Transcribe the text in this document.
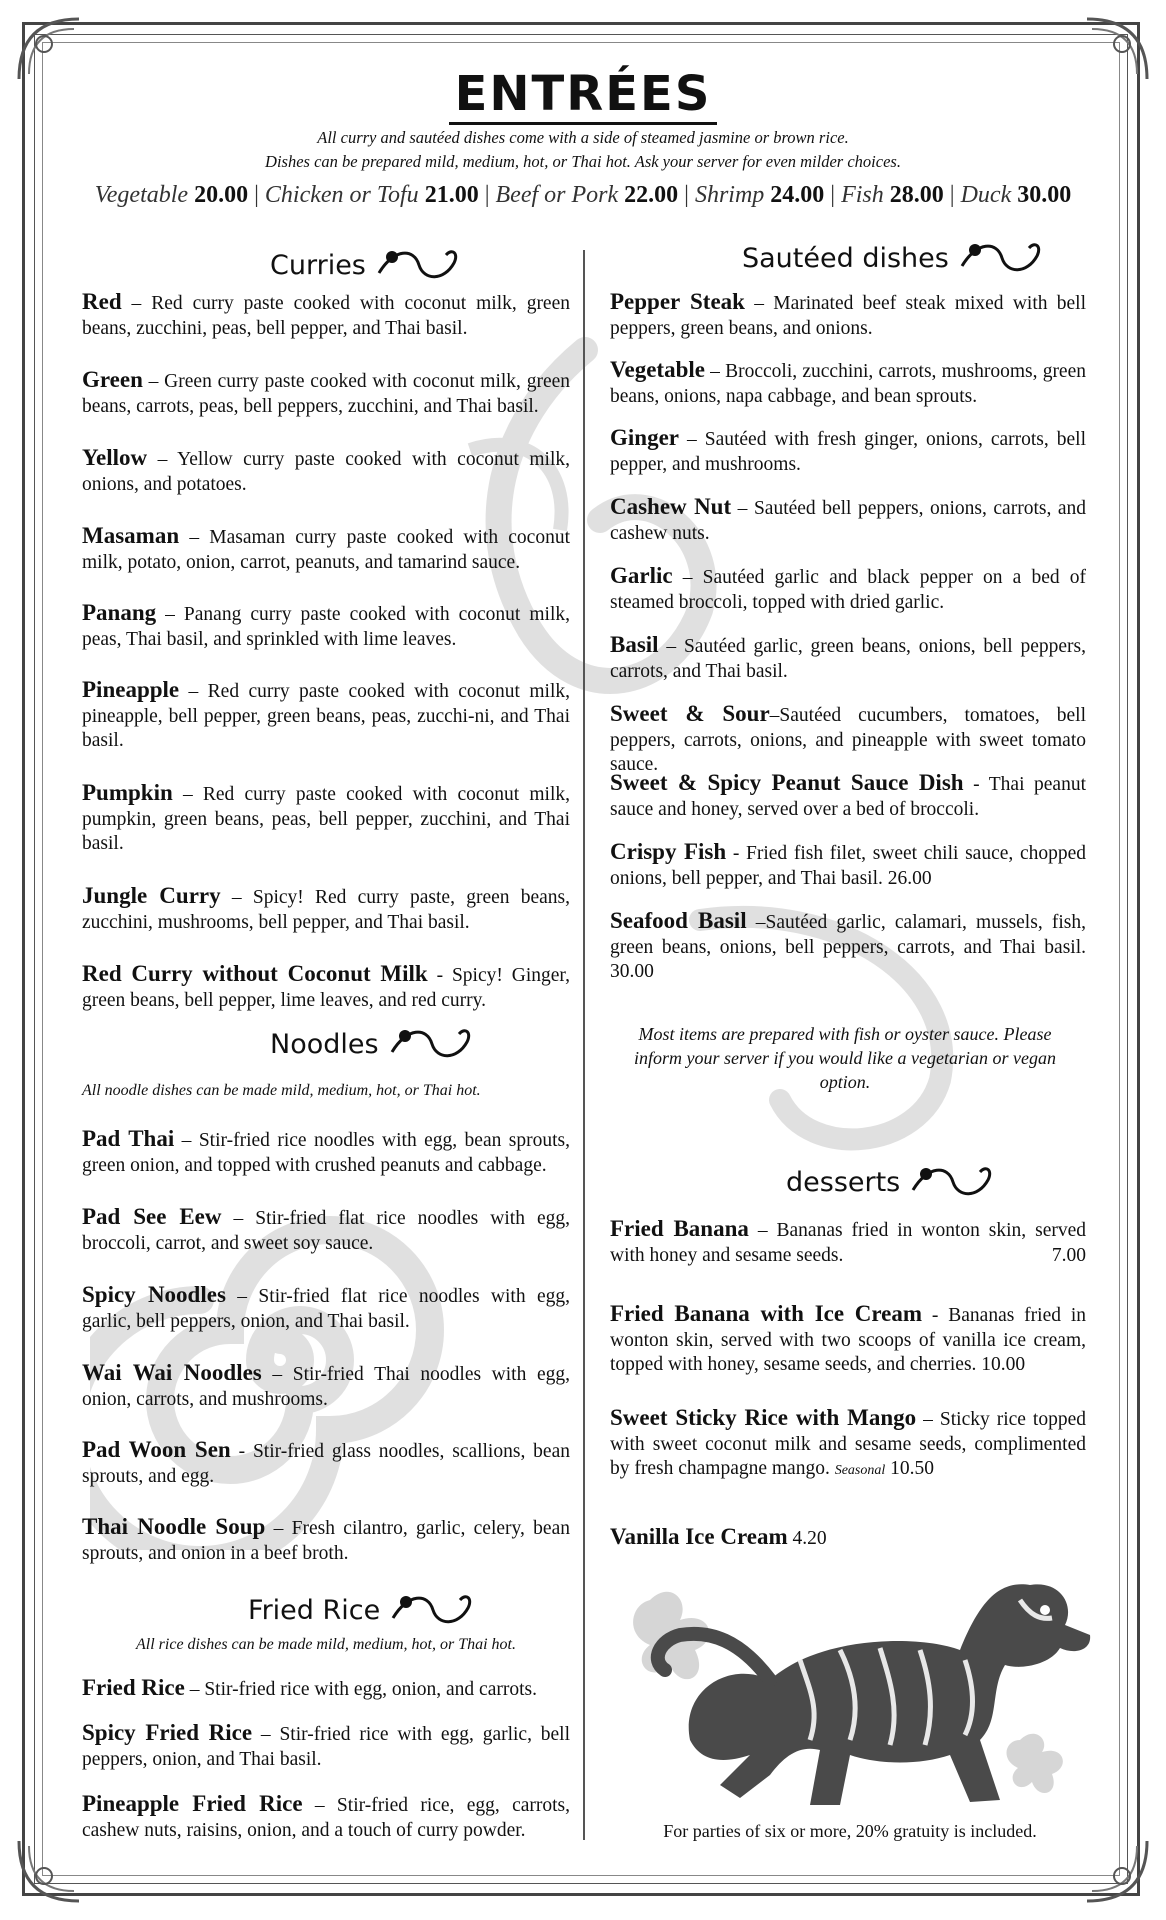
ENTRÉES
All curry and sautéed dishes come with a side of steamed jasmine or brown rice.
Dishes can be prepared mild, medium, hot, or Thai hot. Ask your server for even milder choices.
Vegetable 20.00 | Chicken or Tofu 21.00 | Beef or Pork 22.00 | Shrimp 24.00 | Fish 28.00 | Duck 30.00
Curries
Red – Red curry paste cooked with coconut milk, green beans, zucchini, peas, bell pepper, and Thai basil.
Green – Green curry paste cooked with coconut milk, green beans, carrots, peas, bell peppers, zucchini, and Thai basil.
Yellow – Yellow curry paste cooked with coconut milk, onions, and potatoes.
Masaman – Masaman curry paste cooked with coconut milk, potato, onion, carrot, peanuts, and tamarind sauce.
Panang – Panang curry paste cooked with coconut milk, peas, Thai basil, and sprinkled with lime leaves.
Pineapple – Red curry paste cooked with coconut milk, pineapple, bell pepper, green beans, peas, zucchi-ni, and Thai basil.
Pumpkin – Red curry paste cooked with coconut milk, pumpkin, green beans, peas, bell pepper, zucchini, and Thai basil.
Jungle Curry – Spicy! Red curry paste, green beans, zucchini, mushrooms, bell pepper, and Thai basil.
Red Curry without Coconut Milk - Spicy! Ginger, green beans, bell pepper, lime leaves, and red curry.
Noodles
All noodle dishes can be made mild, medium, hot, or Thai hot.
Pad Thai – Stir-fried rice noodles with egg, bean sprouts, green onion, and topped with crushed peanuts and cabbage.
Pad See Eew – Stir-fried flat rice noodles with egg, broccoli, carrot, and sweet soy sauce.
Spicy Noodles – Stir-fried flat rice noodles with egg, garlic, bell peppers, onion, and Thai basil.
Wai Wai Noodles – Stir-fried Thai noodles with egg, onion, carrots, and mushrooms.
Pad Woon Sen - Stir-fried glass noodles, scallions, bean sprouts, and egg.
Thai Noodle Soup – Fresh cilantro, garlic, celery, bean sprouts, and onion in a beef broth.
Fried Rice
All rice dishes can be made mild, medium, hot, or Thai hot.
Fried Rice – Stir-fried rice with egg, onion, and carrots.
Spicy Fried Rice – Stir-fried rice with egg, garlic, bell peppers, onion, and Thai basil.
Pineapple Fried Rice – Stir-fried rice, egg, carrots, cashew nuts, raisins, onion, and a touch of curry powder.
Sautéed dishes
Pepper Steak – Marinated beef steak mixed with bell peppers, green beans, and onions.
Vegetable – Broccoli, zucchini, carrots, mushrooms, green beans, onions, napa cabbage, and bean sprouts.
Ginger – Sautéed with fresh ginger, onions, carrots, bell pepper, and mushrooms.
Cashew Nut – Sautéed bell peppers, onions, carrots, and cashew nuts.
Garlic – Sautéed garlic and black pepper on a bed of steamed broccoli, topped with dried garlic.
Basil – Sautéed garlic, green beans, onions, bell peppers, carrots, and Thai basil.
Sweet & Sour–Sautéed cucumbers, tomatoes, bell peppers, carrots, onions, and pineapple with sweet tomato sauce.
Sweet & Spicy Peanut Sauce Dish - Thai peanut sauce and honey, served over a bed of broccoli.
Crispy Fish - Fried fish filet, sweet chili sauce, chopped onions, bell pepper, and Thai basil. 26.00
Seafood Basil –Sautéed garlic, calamari, mussels, fish, green beans, onions, bell peppers, carrots, and Thai basil. 30.00
Most items are prepared with fish or oyster sauce. Please inform your server if you would like a vegetarian or vegan option.
desserts
Fried Banana – Bananas fried in wonton skin, served with honey and sesame seeds.	7.00
Fried Banana with Ice Cream - Bananas fried in wonton skin, served with two scoops of vanilla ice cream, topped with honey, sesame seeds, and cherries. 10.00
Sweet Sticky Rice with Mango – Sticky rice topped with sweet coconut milk and sesame seeds, complimented by fresh champagne mango. Seasonal 10.50
Vanilla Ice Cream 4.20
For parties of six or more, 20% gratuity is included.
